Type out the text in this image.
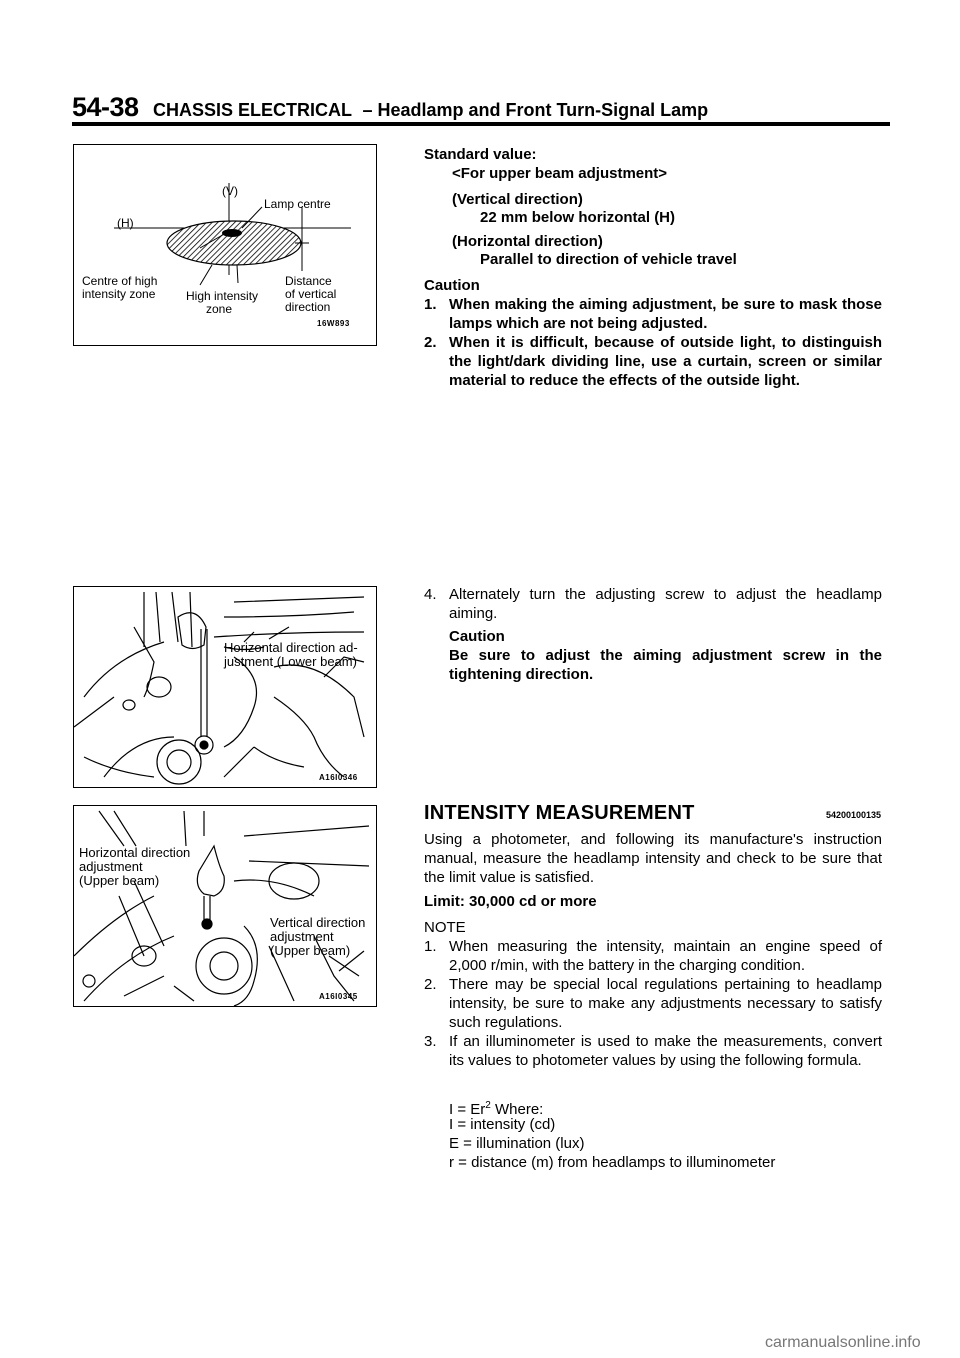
54-38 CHASSIS ELECTRICAL – Headlamp and Front Turn-Signal Lamp
(V)
(H)
Lamp centre
Centre of high
intensity zone	High intensity
zone
Distance
of vertical
direction
16W893
Horizontal direction ad-
justment (Lower beam)
A16I0346
Horizontal direction
adjustment
(Upper beam)
Vertical direction
adjustment
(Upper beam)
A16I0345
Standard value:
<For upper beam adjustment>
(Vertical direction)
22 mm below horizontal (H)
(Horizontal direction)
Parallel to direction of vehicle travel
Caution
1. When making the aiming adjustment, be sure to mask those lamps which are not being adjusted.
2. When it is difficult, because of outside light, to distinguish the light/dark dividing line, use a curtain, screen or similar material to reduce the effects of the outside light.
4. Alternately turn the adjusting screw to adjust the headlamp aiming.
Caution
Be sure to adjust the aiming adjustment screw in the tightening direction.
INTENSITY MEASUREMENT	54200100135
Using a photometer, and following its manufacture's instruction manual, measure the headlamp intensity and check to be sure that the limit value is satisfied.
Limit: 30,000 cd or more
NOTE
1. When measuring the intensity, maintain an engine speed of 2,000 r/min, with the battery in the charging condition.
2. There may be special local regulations pertaining to headlamp intensity, be sure to make any adjustments necessary to satisfy such regulations.
3. If an illuminometer is used to make the measurements, convert its values to photometer values by using the following formula.
$I = Er^2$ Where:
I = intensity (cd)
E = illumination (lux)
r = distance (m) from headlamps to illuminometer
carmanualsonline.info
